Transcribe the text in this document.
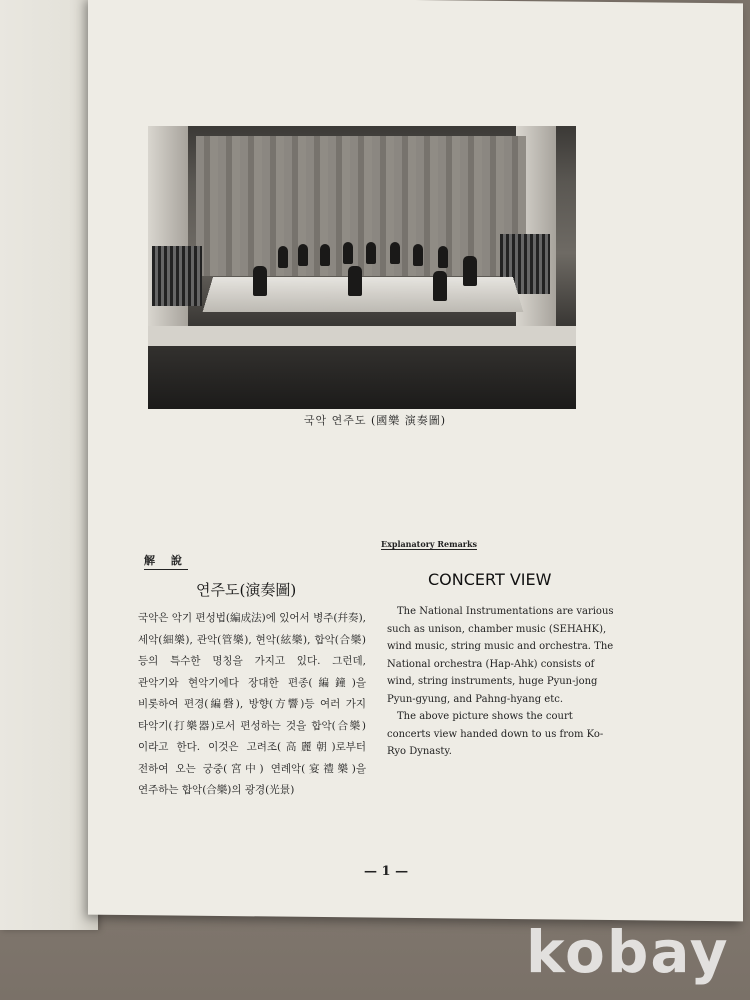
국악 연주도 (國樂 演奏圖)
解 說
Explanatory Remarks
연주도(演奏圖)
CONCERT VIEW
국악은 악기 편성법(編成法)에 있어서 병주(幷奏), 세악(細樂), 관악(管樂), 현악(絃樂), 합악(合樂) 등의 특수한 명칭을 가지고 있다. 그런데, 관악기와 현악기에다 장대한 편종(編鐘)을 비롯하여 편경(編磬), 방향(方響)등 여러 가지 타악기(打樂器)로서 편성하는 것을 합악(合樂)이라고 한다. 이것은 고려조(高麗朝)로부터 전하여 오는 궁중(宮中) 연례악(宴禮樂)을 연주하는 합악(合樂)의 광경(光景)

The National Instrumentations are various such as unison, chamber music (SEHAHK), wind music, string music and orchestra. The National orchestra (Hap-Ahk) consists of wind, string instruments, huge Pyun-jong Pyun-gyung, and Pahng-hyang etc.

The above picture shows the court concerts view handed down to us from Ko-Ryo Dynasty.

— 1 —
kobay
